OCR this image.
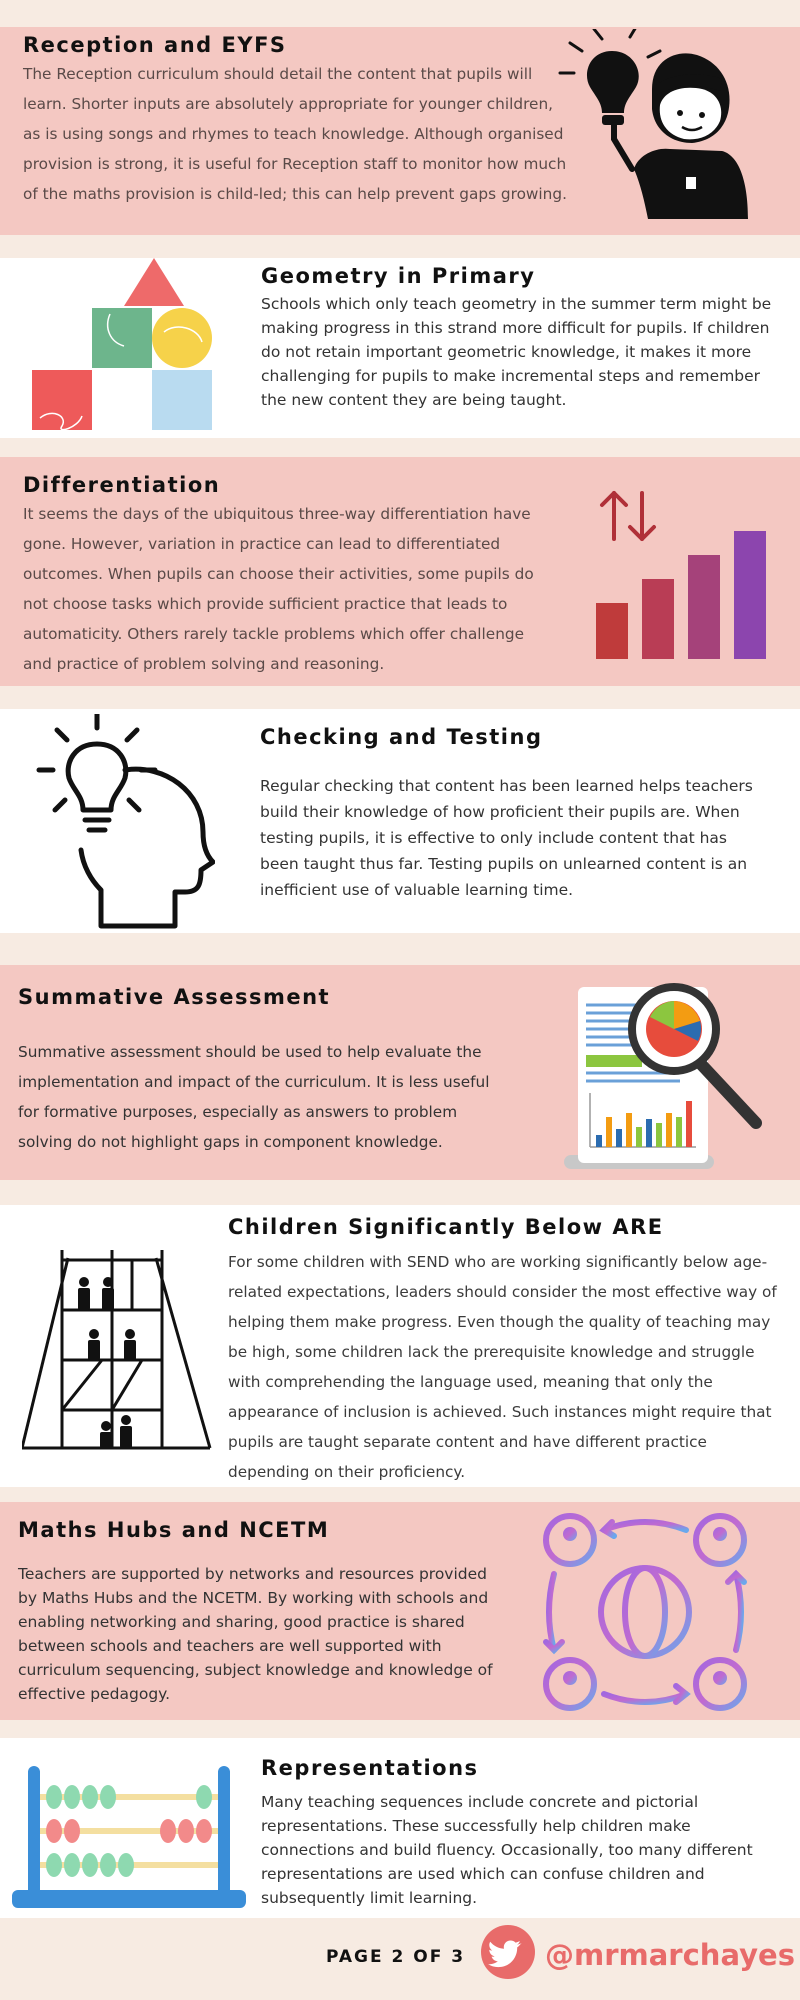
Reception and EYFS

The Reception curriculum should detail the content that pupils will learn. Shorter inputs are absolutely appropriate for younger children, as is using songs and rhymes to teach knowledge. Although organised provision is strong, it is useful for Reception staff to monitor how much of the maths provision is child-led; this can help prevent gaps growing.

Geometry in Primary

Schools which only teach geometry in the summer term might be making progress in this strand more difficult for pupils. If children do not retain important geometric knowledge, it makes it more challenging for pupils to make incremental steps and remember the new content they are being taught.

Differentiation

It seems the days of the ubiquitous three-way differentiation have gone. However, variation in practice can lead to differentiated outcomes. When pupils can choose their activities, some pupils do not choose tasks which provide sufficient practice that leads to automaticity. Others rarely tackle problems which offer challenge and practice of problem solving and reasoning.

Checking and Testing

Regular checking that content has been learned helps teachers build their knowledge of how proficient their pupils are. When testing pupils, it is effective to only include content that has been taught thus far. Testing pupils on unlearned content is an inefficient use of valuable learning time.

Summative Assessment

Summative assessment should be used to help evaluate the implementation and impact of the curriculum. It is less useful for formative purposes, especially as answers to problem solving do not highlight gaps in component knowledge.

Children Significantly Below ARE

For some children with SEND who are working significantly below age-related expectations, leaders should consider the most effective way of helping them make progress. Even though the quality of teaching may be high, some children lack the prerequisite knowledge and struggle with comprehending the language used, meaning that only the appearance of inclusion is achieved. Such instances might require that pupils are taught separate content and have different practice depending on their proficiency.

Maths Hubs and NCETM

Teachers are supported by networks and resources provided by Maths Hubs and the NCETM. By working with schools and enabling networking and sharing, good practice is shared between schools and teachers are well supported with curriculum sequencing, subject knowledge and knowledge of effective pedagogy.

Representations

Many teaching sequences include concrete and pictorial representations. These successfully help children make connections and build fluency. Occasionally, too many different representations are used which can confuse children and subsequently limit learning.

PAGE 2 OF 3	@mrmarchayes
